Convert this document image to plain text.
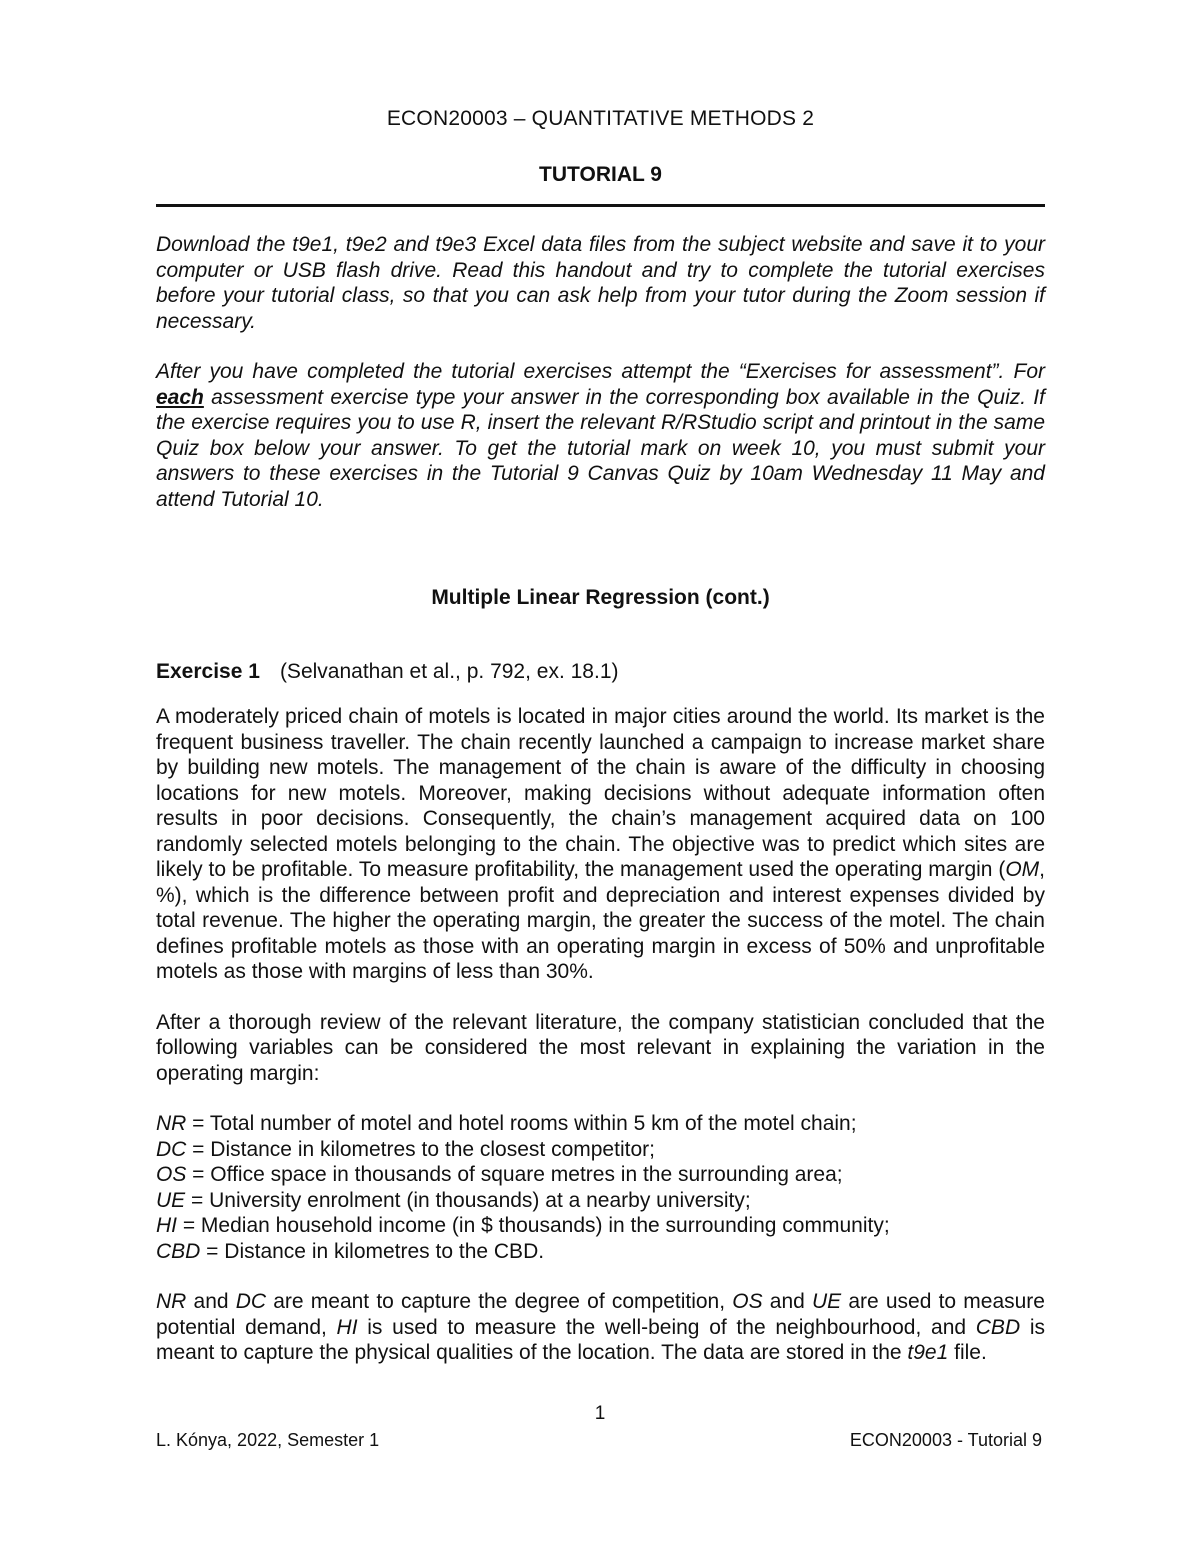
ECON20003 – QUANTITATIVE METHODS 2
TUTORIAL 9

Download the t9e1, t9e2 and t9e3 Excel data files from the subject website and save it to your computer or USB flash drive. Read this handout and try to complete the tutorial exercises before your tutorial class, so that you can ask help from your tutor during the Zoom session if necessary.

After you have completed the tutorial exercises attempt the “Exercises for assessment”. For each assessment exercise type your answer in the corresponding box available in the Quiz. If the exercise requires you to use R, insert the relevant R/RStudio script and printout in the same Quiz box below your answer. To get the tutorial mark on week 10, you must submit your answers to these exercises in the Tutorial 9 Canvas Quiz by 10am Wednesday 11 May and attend Tutorial 10.

Multiple Linear Regression (cont.)
Exercise 1 (Selvanathan et al., p. 792, ex. 18.1)

A moderately priced chain of motels is located in major cities around the world. Its market is the frequent business traveller. The chain recently launched a campaign to increase market share by building new motels. The management of the chain is aware of the difficulty in choosing locations for new motels. Moreover, making decisions without adequate information often results in poor decisions. Consequently, the chain’s management acquired data on 100 randomly selected motels belonging to the chain. The objective was to predict which sites are likely to be profitable. To measure profitability, the management used the operating margin (OM, %), which is the difference between profit and depreciation and interest expenses divided by total revenue. The higher the operating margin, the greater the success of the motel. The chain defines profitable motels as those with an operating margin in excess of 50% and unprofitable motels as those with margins of less than 30%.

After a thorough review of the relevant literature, the company statistician concluded that the following variables can be considered the most relevant in explaining the variation in the operating margin:

NR = Total number of motel and hotel rooms within 5 km of the motel chain;
DC = Distance in kilometres to the closest competitor;
OS = Office space in thousands of square metres in the surrounding area;
UE = University enrolment (in thousands) at a nearby university;
HI = Median household income (in $ thousands) in the surrounding community;
CBD = Distance in kilometres to the CBD.

NR and DC are meant to capture the degree of competition, OS and UE are used to measure potential demand, HI is used to measure the well-being of the neighbourhood, and CBD is meant to capture the physical qualities of the location. The data are stored in the t9e1 file.

1
L. Kónya, 2022, Semester 1	ECON20003 - Tutorial 9
